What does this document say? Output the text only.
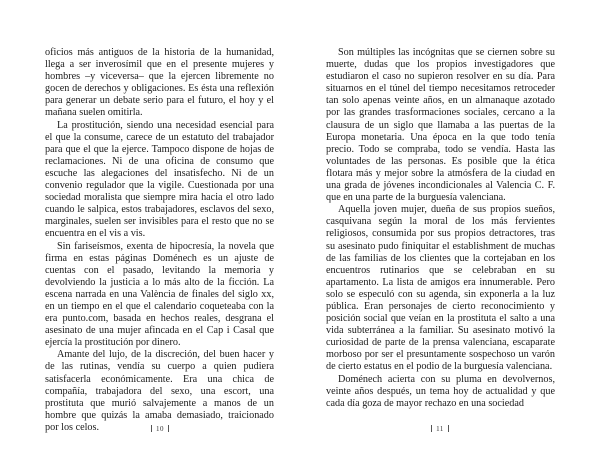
oficios más antiguos de la historia de la humanidad, llega a ser inverosímil que en el presente mujeres y hombres –y viceversa– que la ejercen libremente no gocen de derechos y obligaciones. Es ésta una reflexión para generar un debate serio para el futuro, el hoy y el mañana suelen omitirla.

La prostitución, siendo una necesidad esencial para el que la consume, carece de un estatuto del trabajador para que el que la ejerce. Tampoco dispone de hojas de reclamaciones. Ni de una oficina de consumo que escuche las alegaciones del insatisfecho. Ni de un convenio regulador que la vigile. Cuestionada por una sociedad moralista que siempre mira hacia el otro lado cuando le salpica, estos trabajadores, esclavos del sexo, marginales, suelen ser invisibles para el resto que no se encuentra en el vis a vis.

Sin fariseísmos, exenta de hipocresía, la novela que firma en estas páginas Doménech es un ajuste de cuentas con el pasado, levitando la memoria y devolviendo la justicia a lo más alto de la ficción. La escena narrada en una València de finales del siglo xx, en un tiempo en el que el calendario coqueteaba con la era punto.com, basada en hechos reales, desgrana el asesinato de una mujer afincada en el Cap i Casal que ejercía la prostitución por dinero.

Amante del lujo, de la discreción, del buen hacer y de las rutinas, vendía su cuerpo a quien pudiera satisfacerla económicamente. Era una chica de compañía, trabajadora del sexo, una escort, una prostituta que murió salvajemente a manos de un hombre que quizás la amaba demasiado, traicionado por los celos.	10

Son múltiples las incógnitas que se ciernen sobre su muerte, dudas que los propios investigadores que estudiaron el caso no supieron resolver en su día. Para situarnos en el túnel del tiempo necesitamos retroceder tan solo apenas veinte años, en un almanaque azotado por las grandes trasformaciones sociales, cercano a la clausura de un siglo que llamaba a las puertas de la Europa monetaria. Una época en la que todo tenía precio. Todo se compraba, todo se vendía. Hasta las voluntades de las personas. Es posible que la ética flotara más y mejor sobre la atmósfera de la ciudad en una grada de jóvenes incondicionales al Valencia C. F. que en una parte de la burguesía valenciana.

Aquella joven mujer, dueña de sus propios sueños, casquivana según la moral de los más fervientes religiosos, consumida por sus propios detractores, tras su asesinato pudo finiquitar el establishment de muchas de las familias de los clientes que la cortejaban en los encuentros rutinarios que se celebraban en su apartamento. La lista de amigos era innumerable. Pero solo se especuló con su agenda, sin exponerla a la luz pública. Eran personajes de cierto reconocimiento y posición social que veían en la prostituta el salto a una vida subterránea a la familiar. Su asesinato motivó la curiosidad de parte de la prensa valenciana, escaparate morboso por ser el presuntamente sospechoso un varón de cierto estatus en el podio de la burguesía valenciana.

Doménech acierta con su pluma en devolvernos, veinte años después, un tema hoy de actualidad y que cada día goza de mayor rechazo en una sociedad

11
